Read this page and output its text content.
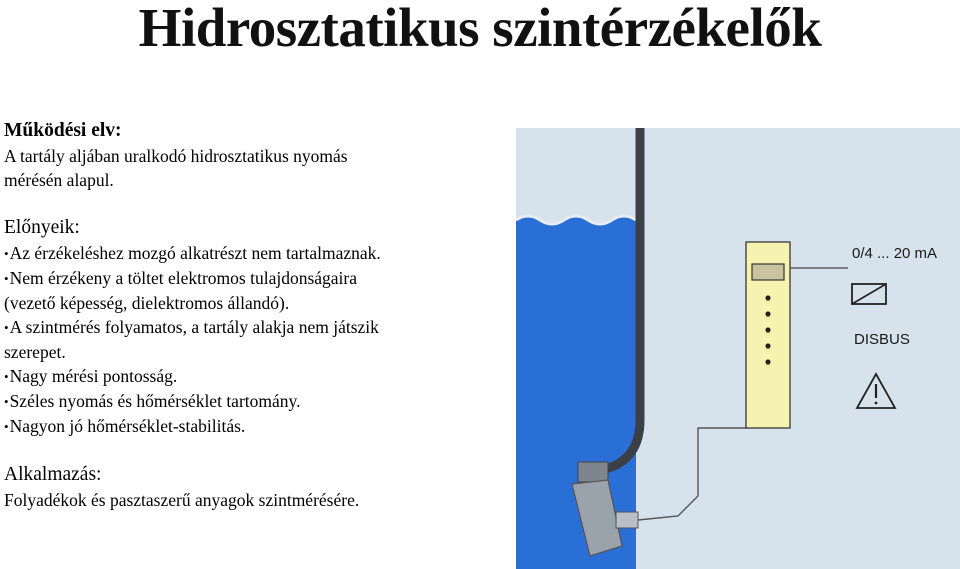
Hidrosztatikus szintérzékelők
Működési elv:
A tartály aljában uralkodó hidrosztatikus nyomás
mérésén alapul.
Előnyeik:
• Az érzékeléshez mozgó alkatrészt nem tartalmaznak.
• Nem érzékeny a töltet elektromos tulajdonságaira
(vezető képesség, dielektromos állandó).
• A szintmérés folyamatos, a tartály alakja nem játszik
szerepet.
• Nagy mérési pontosság.
• Széles nyomás és hőmérséklet tartomány.
• Nagyon jó hőmérséklet-stabilitás.
Alkalmazás:
Folyadékok és pasztaszerű anyagok szintmérésére.
0/4 ... 20 mA
DISBUS
